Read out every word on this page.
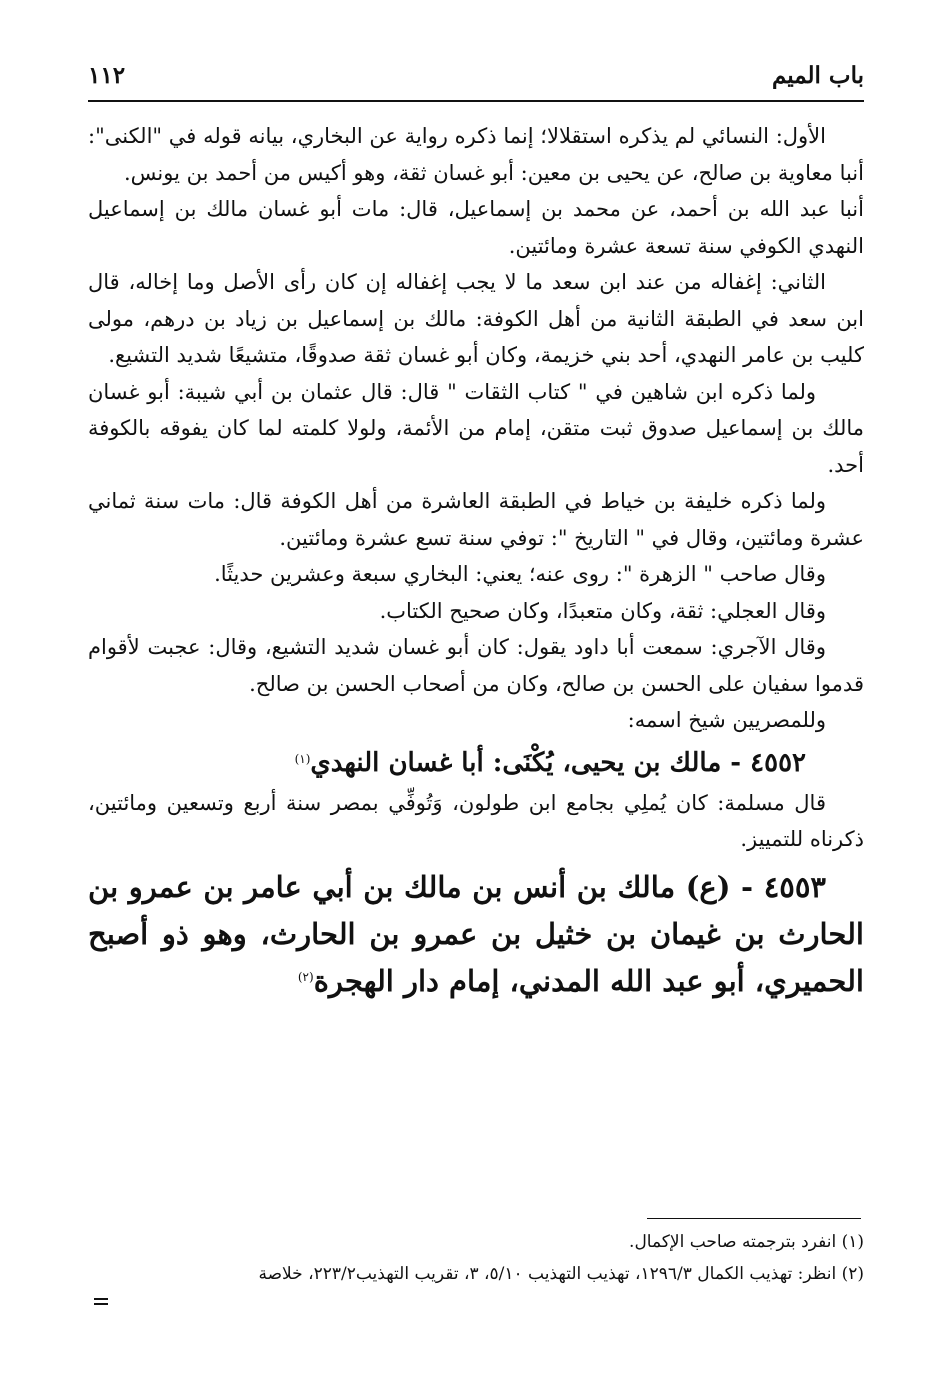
باب الميم
١١٢

الأول: النسائي لم يذكره استقلالا؛ إنما ذكره رواية عن البخاري، بيانه قوله في "الكنى": أنبا معاوية بن صالح، عن يحيى بن معين: أبو غسان ثقة، وهو أكيس من أحمد بن يونس.

أنبا عبد الله بن أحمد، عن محمد بن إسماعيل، قال: مات أبو غسان مالك بن إسماعيل النهدي الكوفي سنة تسعة عشرة ومائتين.

الثاني: إغفاله من عند ابن سعد ما لا يجب إغفاله إن كان رأى الأصل وما إخاله، قال ابن سعد في الطبقة الثانية من أهل الكوفة: مالك بن إسماعيل بن زياد بن درهم، مولى كليب بن عامر النهدي، أحد بني خزيمة، وكان أبو غسان ثقة صدوقًا، متشيعًا شديد التشيع.

ولما ذكره ابن شاهين في " كتاب الثقات " قال: قال عثمان بن أبي شيبة: أبو غسان مالك بن إسماعيل صدوق ثبت متقن، إمام من الأئمة، ولولا كلمته لما كان يفوقه بالكوفة أحد.

ولما ذكره خليفة بن خياط في الطبقة العاشرة من أهل الكوفة قال: مات سنة ثماني عشرة ومائتين، وقال في " التاريخ ": توفي سنة تسع عشرة ومائتين.

وقال صاحب " الزهرة ": روى عنه؛ يعني: البخاري سبعة وعشرين حديثًا.

وقال العجلي: ثقة، وكان متعبدًا، وكان صحيح الكتاب.

وقال الآجري: سمعت أبا داود يقول: كان أبو غسان شديد التشيع، وقال: عجبت لأقوام قدموا سفيان على الحسن بن صالح، وكان من أصحاب الحسن بن صالح.

وللمصريين شيخ اسمه:

٤٥٥٢ - مالك بن يحيى، يُكْنَى: أبا غسان النهدي$^{(١)}$

قال مسلمة: كان يُملِي بجامع ابن طولون، وَتُوفِّي بمصر سنة أربع وتسعين ومائتين، ذكرناه للتمييز.

٤٥٥٣ - (ع) مالك بن أنس بن مالك بن أبي عامر بن عمرو بن الحارث بن غيمان بن خثيل بن عمرو بن الحارث، وهو ذو أصبح الحميري، أبو عبد الله المدني، إمام دار الهجرة$^{(٢)}$

(١) انفرد بترجمته صاحب الإكمال.

(٢) انظر: تهذيب الكمال ١٢٩٦/٣، تهذيب التهذيب ٥/١٠، ٣، تقريب التهذيب٢٢٣/٢، خلاصة
